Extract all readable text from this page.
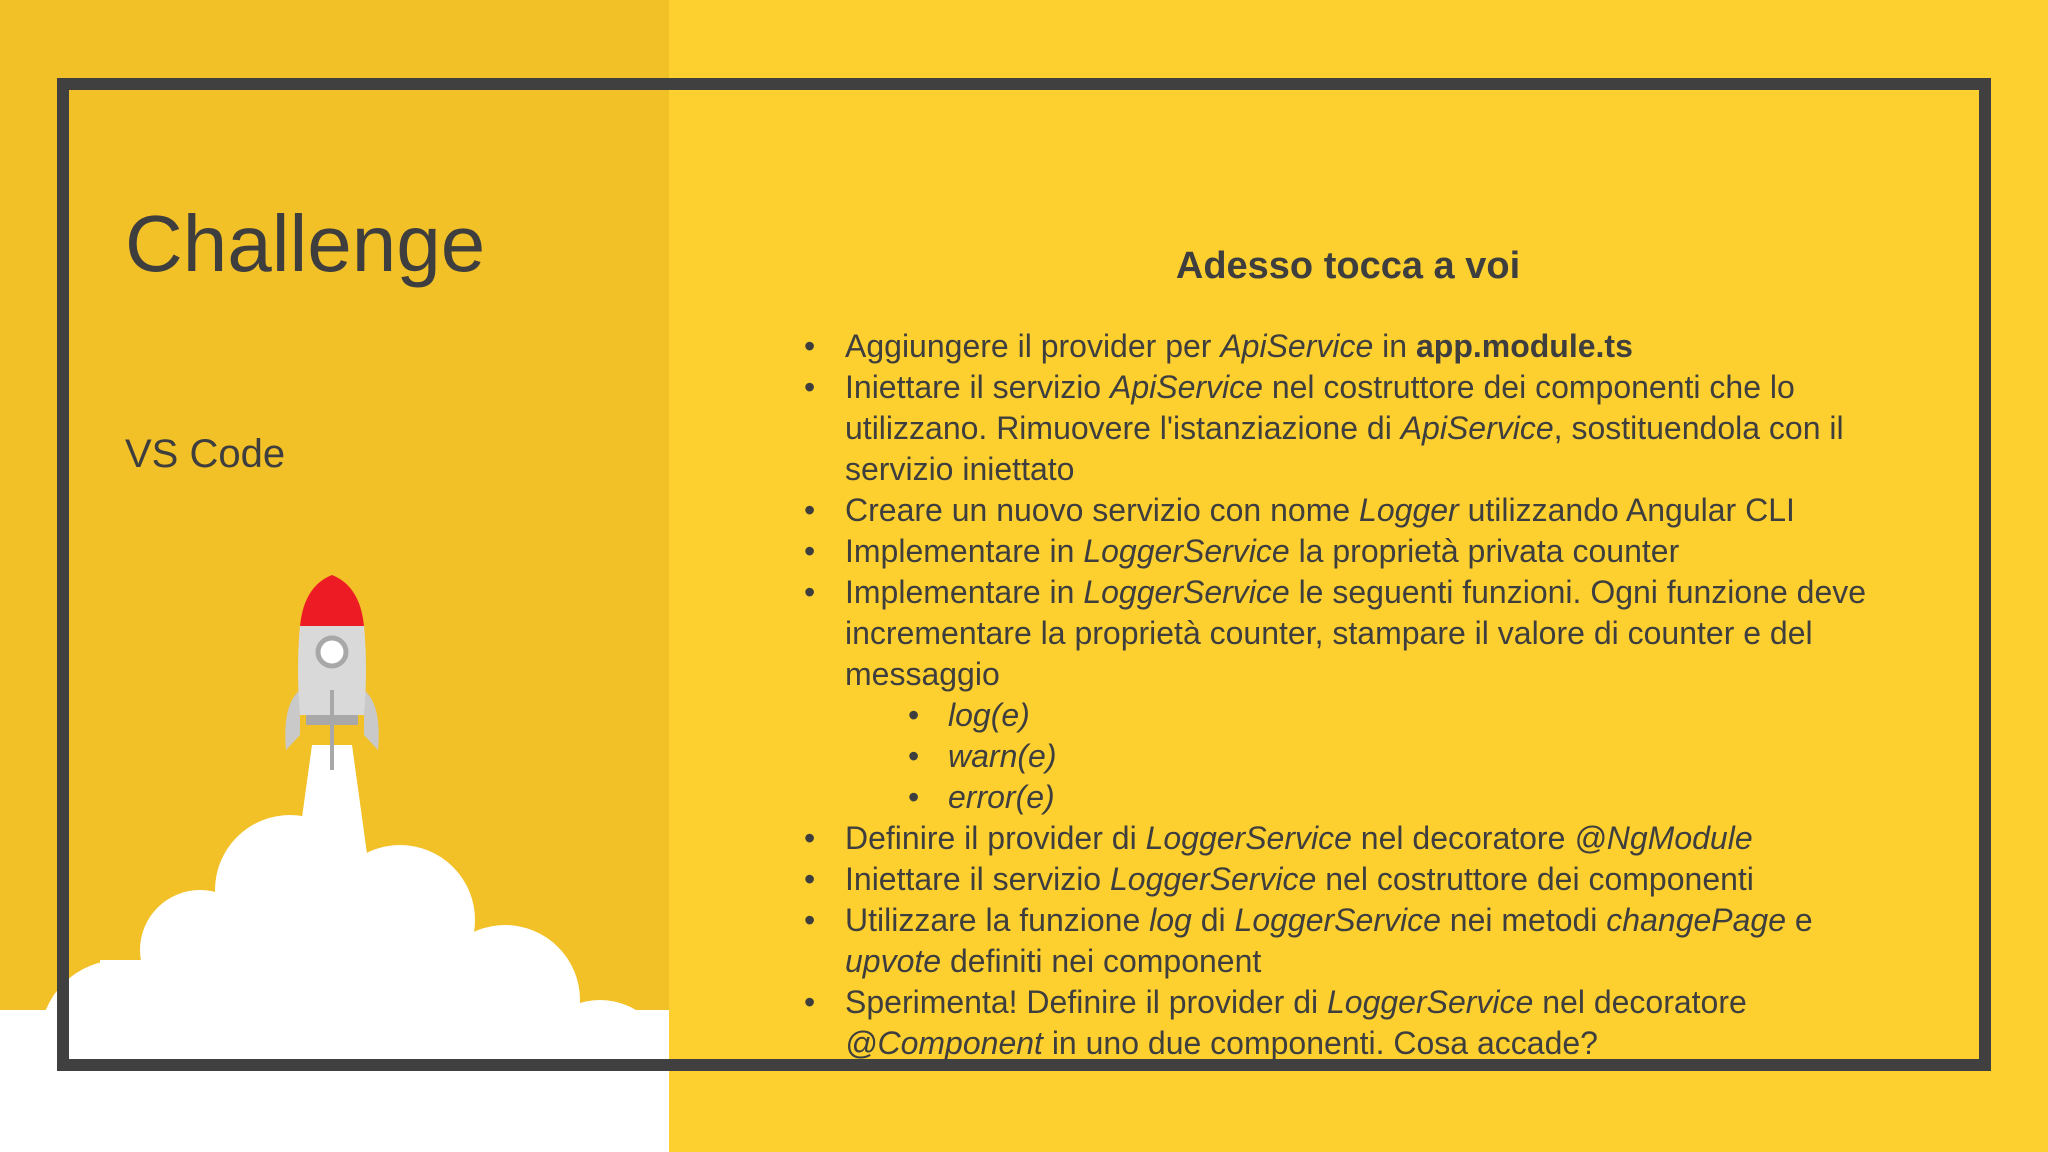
Challenge
VS Code
Adesso tocca a voi
• Aggiungere il provider per ApiService in app.module.ts
• Iniettare il servizio ApiService nel costruttore dei componenti che lo utilizzano. Rimuovere l'istanziazione di ApiService, sostituendola con il servizio iniettato
• Creare un nuovo servizio con nome Logger utilizzando Angular CLI
• Implementare in LoggerService la proprietà privata counter
• Implementare in LoggerService le seguenti funzioni. Ogni funzione deve incrementare la proprietà counter, stampare il valore di counter e del messaggio
• log(e)
• warn(e)
• error(e)
• Definire il provider di LoggerService nel decoratore @NgModule
• Iniettare il servizio LoggerService nel costruttore dei componenti
• Utilizzare la funzione log di LoggerService nei metodi changePage e upvote definiti nei component
• Sperimenta! Definire il provider di LoggerService nel decoratore @Component in uno due componenti. Cosa accade?
